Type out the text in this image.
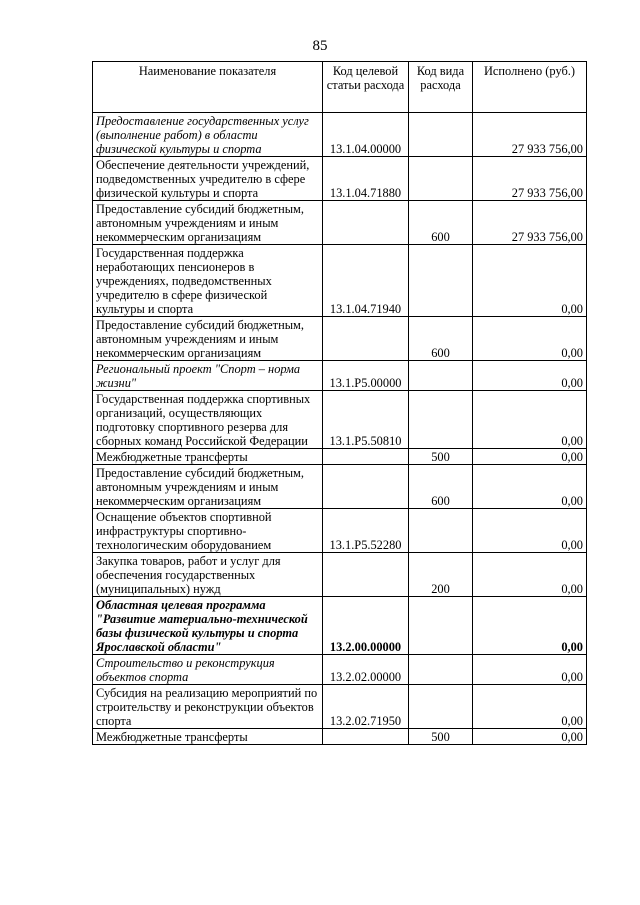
85
Наименование показателя	Код целевой статьи расхода	Код вида расхода	Исполнено (руб.)
Предоставление государственных услуг (выполнение работ) в области физической культуры и спорта	13.1.04.00000		27 933 756,00
Обеспечение деятельности учреждений, подведомственных учредителю в сфере физической культуры и спорта	13.1.04.71880		27 933 756,00
Предоставление субсидий бюджетным, автономным учреждениям и иным некоммерческим организациям		600	27 933 756,00
Государственная поддержка неработающих пенсионеров в учреждениях, подведомственных учредителю в сфере физической культуры и спорта	13.1.04.71940		0,00
Предоставление субсидий бюджетным, автономным учреждениям и иным некоммерческим организациям		600	0,00
Региональный проект "Спорт – норма жизни"	13.1.P5.00000		0,00
Государственная поддержка спортивных организаций, осуществляющих подготовку спортивного резерва для сборных команд Российской Федерации	13.1.P5.50810		0,00
Межбюджетные трансферты		500	0,00
Предоставление субсидий бюджетным, автономным учреждениям и иным некоммерческим организациям		600	0,00
Оснащение объектов спортивной инфраструктуры спортивно-технологическим оборудованием	13.1.P5.52280		0,00
Закупка товаров, работ и услуг для обеспечения государственных (муниципальных) нужд		200	0,00
Областная целевая программа "Развитие материально-технической базы физической культуры и спорта Ярославской области"	13.2.00.00000		0,00
Строительство и реконструкция объектов спорта	13.2.02.00000		0,00
Субсидия на реализацию мероприятий по строительству и реконструкции объектов спорта	13.2.02.71950		0,00
Межбюджетные трансферты		500	0,00
